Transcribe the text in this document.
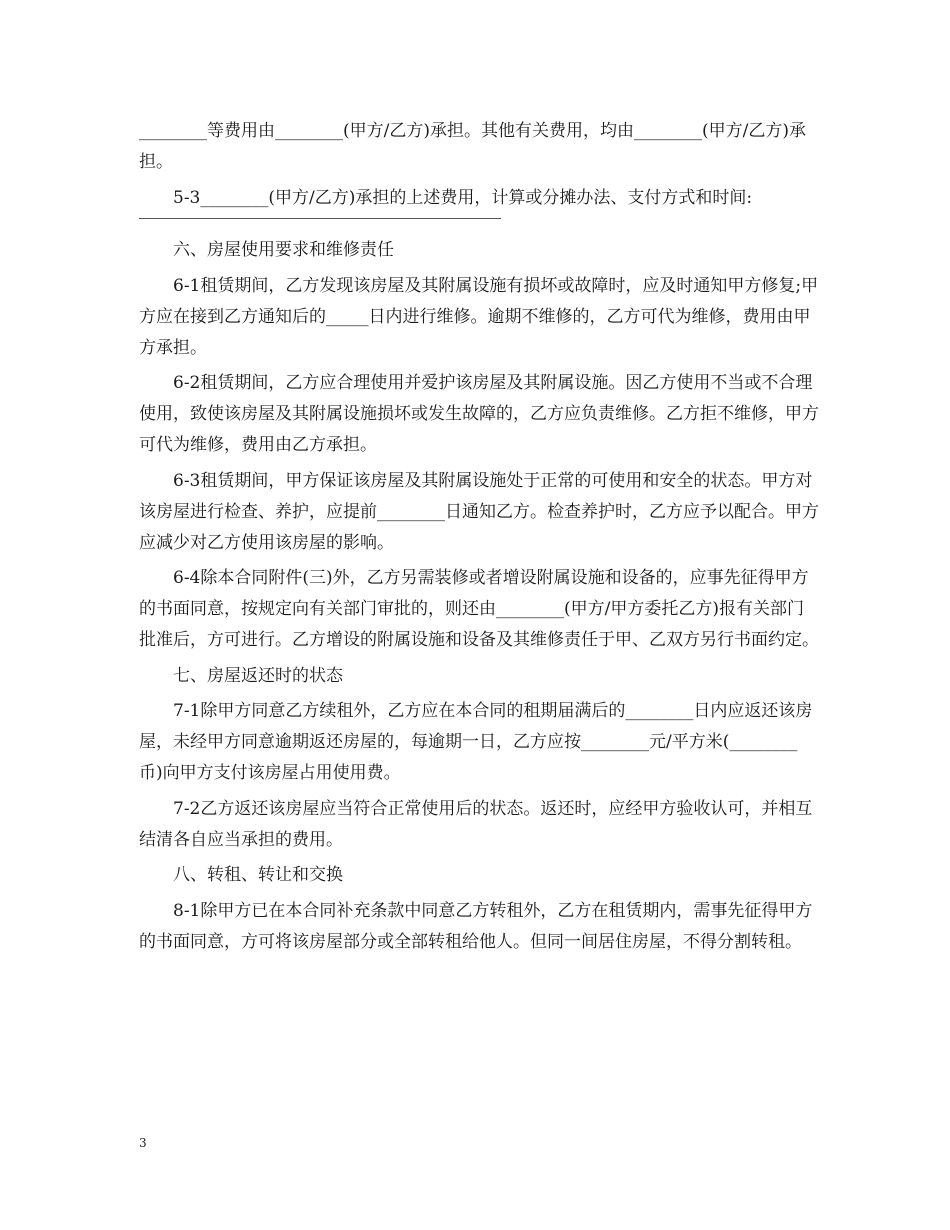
________等费用由________(甲方/乙方)承担。其他有关费用，均由________(甲方/乙方)承担。

5-3________(甲方/乙方)承担的上述费用，计算或分摊办法、支付方式和时间:

六、房屋使用要求和维修责任

6-1租赁期间，乙方发现该房屋及其附属设施有损坏或故障时，应及时通知甲方修复;甲方应在接到乙方通知后的_____日内进行维修。逾期不维修的，乙方可代为维修，费用由甲方承担。

6-2租赁期间，乙方应合理使用并爱护该房屋及其附属设施。因乙方使用不当或不合理使用，致使该房屋及其附属设施损坏或发生故障的，乙方应负责维修。乙方拒不维修，甲方可代为维修，费用由乙方承担。

6-3租赁期间，甲方保证该房屋及其附属设施处于正常的可使用和安全的状态。甲方对该房屋进行检查、养护，应提前________日通知乙方。检查养护时，乙方应予以配合。甲方应减少对乙方使用该房屋的影响。

6-4除本合同附件(三)外，乙方另需装修或者增设附属设施和设备的，应事先征得甲方的书面同意，按规定向有关部门审批的，则还由________(甲方/甲方委托乙方)报有关部门批准后，方可进行。乙方增设的附属设施和设备及其维修责任于甲、乙双方另行书面约定。

七、房屋返还时的状态

7-1除甲方同意乙方续租外，乙方应在本合同的租期届满后的________日内应返还该房屋，未经甲方同意逾期返还房屋的，每逾期一日，乙方应按________元/平方米(________币)向甲方支付该房屋占用使用费。

7-2乙方返还该房屋应当符合正常使用后的状态。返还时，应经甲方验收认可，并相互结清各自应当承担的费用。

八、转租、转让和交换

8-1除甲方已在本合同补充条款中同意乙方转租外，乙方在租赁期内，需事先征得甲方的书面同意，方可将该房屋部分或全部转租给他人。但同一间居住房屋，不得分割转租。

3
